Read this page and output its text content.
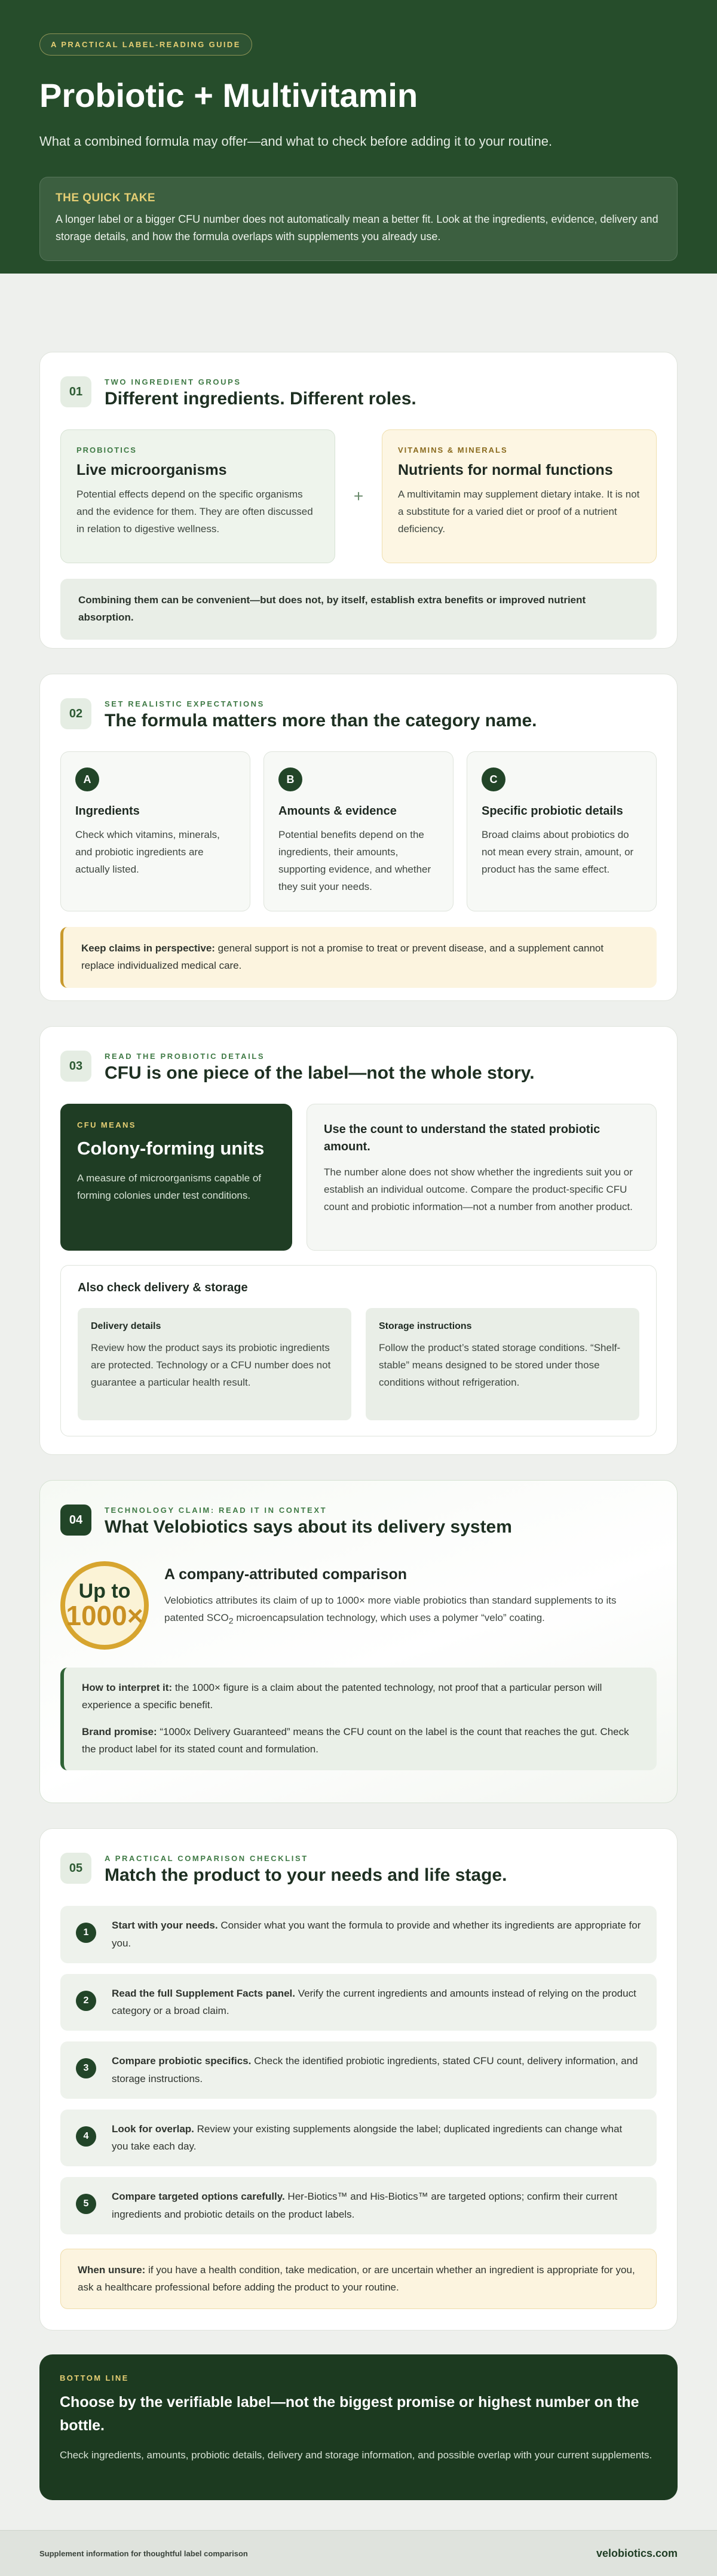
A PRACTICAL LABEL-READING GUIDE
Probiotic + Multivitamin

What a combined formula may offer—and what to check before adding it to your routine.

THE QUICK TAKE

A longer label or a bigger CFU number does not automatically mean a better fit. Look at the ingredients, evidence, delivery and storage details, and how the formula overlaps with supplements you already use.

01
TWO INGREDIENT GROUPS
Different ingredients. Different roles.
PROBIOTICS
Live microorganisms

Potential effects depend on the specific organisms and the evidence for them. They are often discussed in relation to digestive wellness.

+
VITAMINS & MINERALS
Nutrients for normal functions

A multivitamin may supplement dietary intake. It is not a substitute for a varied diet or proof of a nutrient deficiency.

Combining them can be convenient—but does not, by itself, establish extra benefits or improved nutrient absorption.
02
SET REALISTIC EXPECTATIONS
The formula matters more than the category name.
A
Ingredients

Check which vitamins, minerals, and probiotic ingredients are actually listed.

B
Amounts & evidence

Potential benefits depend on the ingredients, their amounts, supporting evidence, and whether they suit your needs.

C
Specific probiotic details

Broad claims about probiotics do not mean every strain, amount, or product has the same effect.

Keep claims in perspective: general support is not a promise to treat or prevent disease, and a supplement cannot replace individualized medical care.
03
READ THE PROBIOTIC DETAILS
CFU is one piece of the label—not the whole story.
CFU MEANS
Colony-forming units

A measure of microorganisms capable of forming colonies under test conditions.

Use the count to understand the stated probiotic amount.

The number alone does not show whether the ingredients suit you or establish an individual outcome. Compare the product-specific CFU count and probiotic information—not a number from another product.

Also check delivery & storage
Delivery details

Review how the product says its probiotic ingredients are protected. Technology or a CFU number does not guarantee a particular health result.

Storage instructions

Follow the product’s stated storage conditions. “Shelf-stable” means designed to be stored under those conditions without refrigeration.

04
TECHNOLOGY CLAIM: READ IT IN CONTEXT
What Velobiotics says about its delivery system
Up to
1000×
A company-attributed comparison

Velobiotics attributes its claim of up to 1000× more viable probiotics than standard supplements to its patented $SCO_2$ microencapsulation technology, which uses a polymer “velo” coating.

How to interpret it: the 1000× figure is a claim about the patented technology, not proof that a particular person will experience a specific benefit.

Brand promise: “1000x Delivery Guaranteed” means the CFU count on the label is the count that reaches the gut. Check the product label for its stated count and formulation.

05
A PRACTICAL COMPARISON CHECKLIST
Match the product to your needs and life stage.
1

Start with your needs. Consider what you want the formula to provide and whether its ingredients are appropriate for you.

2

Read the full Supplement Facts panel. Verify the current ingredients and amounts instead of relying on the product category or a broad claim.

3

Compare probiotic specifics. Check the identified probiotic ingredients, stated CFU count, delivery information, and storage instructions.

4

Look for overlap. Review your existing supplements alongside the label; duplicated ingredients can change what you take each day.

5

Compare targeted options carefully. Her-Biotics™ and His-Biotics™ are targeted options; confirm their current ingredients and probiotic details on the product labels.

When unsure: if you have a health condition, take medication, or are uncertain whether an ingredient is appropriate for you, ask a healthcare professional before adding the product to your routine.
BOTTOM LINE
Choose by the verifiable label—not the biggest promise or highest number on the bottle.

Check ingredients, amounts, probiotic details, delivery and storage information, and possible overlap with your current supplements.

Supplement information for thoughtful label comparison	velobiotics.com
